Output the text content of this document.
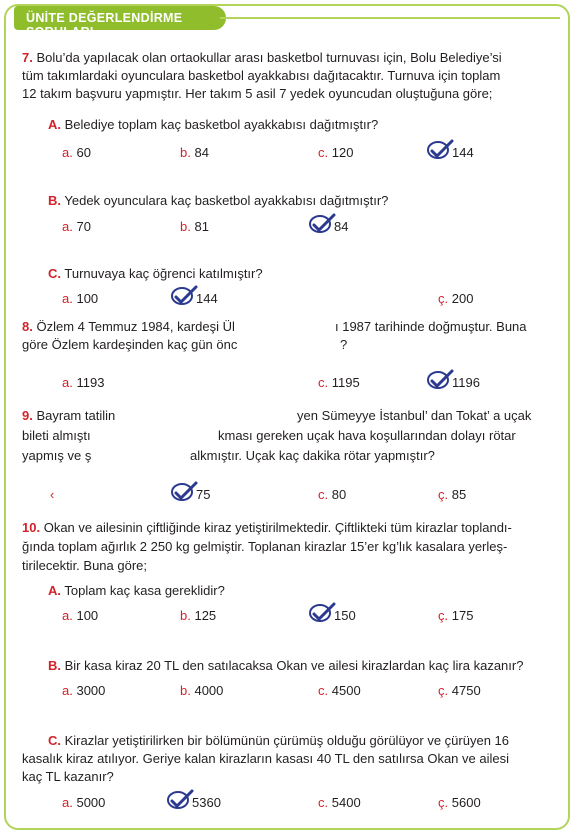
ÜNİTE DEĞERLENDİRME SORULARI
7. Bolu’da yapılacak olan ortaokullar arası basketbol turnuvası için, Bolu Belediye’si
tüm takımlardaki oyunculara basketbol ayakkabısı dağıtacaktır. Turnuva için toplam
12 takım başvuru yapmıştır. Her takım 5 asil 7 yedek oyuncudan oluştuğuna göre;
A. Belediye toplam kaç basketbol ayakkabısı dağıtmıştır?
a. 60	b. 84	c. 120	144
B. Yedek oyunculara kaç basketbol ayakkabısı dağıtmıştır?
a. 70	b. 81	84
C. Turnuvaya kaç öğrenci katılmıştır?
a. 100	144	ç. 200
8. Özlem 4 Temmuz 1984, kardeşi Ül	ı 1987 tarihinde doğmuştur. Buna
göre Özlem kardeşinden kaç gün önc	?
a. 1193	c. 1195	1196
9. Bayram tatilin	yen Sümeyye İstanbul’ dan Tokat’ a uçak
bileti almıştı	kması gereken uçak hava koşullarından dolayı rötar
yapmış ve ş	alkmıştır. Uçak kaç dakika rötar yapmıştır?
‹	75	c. 80	ç. 85
10. Okan ve ailesinin çiftliğinde kiraz yetiştirilmektedir. Çiftlikteki tüm kirazlar toplandı-
ğında toplam ağırlık 2 250 kg gelmiştir. Toplanan kirazlar 15’er kg’lık kasalara yerleş-
tirilecektir. Buna göre;
A. Toplam kaç kasa gereklidir?
a. 100	b. 125	150	ç. 175
B. Bir kasa kiraz 20 TL den satılacaksa Okan ve ailesi kirazlardan kaç lira kazanır?
a. 3000	b. 4000	c. 4500	ç. 4750
C. Kirazlar yetiştirilirken bir bölümünün çürümüş olduğu görülüyor ve çürüyen 16
kasalık kiraz atılıyor. Geriye kalan kirazların kasası 40 TL den satılırsa Okan ve ailesi
kaç TL kazanır?
a. 5000	5360	c. 5400	ç. 5600
